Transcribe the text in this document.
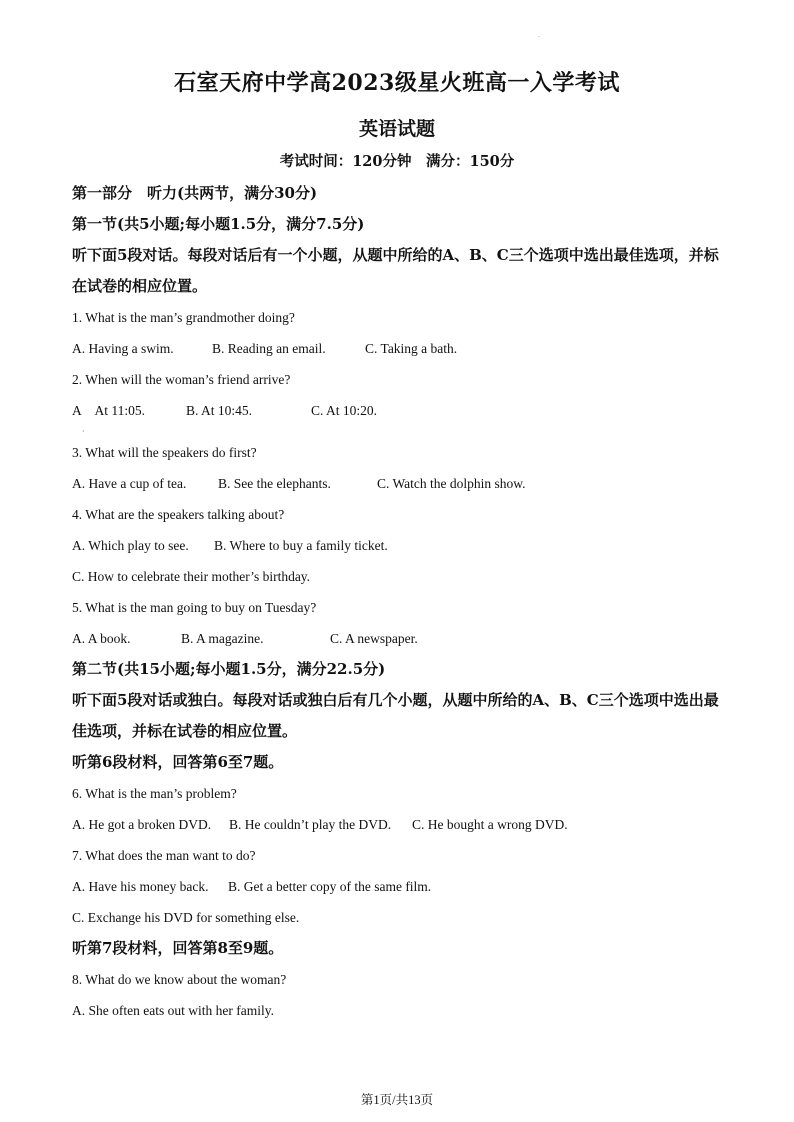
·
石室天府中学高2023级星火班高一入学考试
英语试题
考试时间：120分钟　满分：150分
第一部分　听力(共两节，满分30分)
第一节(共5小题;每小题1.5分，满分7.5分)
听下面5段对话。每段对话后有一个小题，从题中所给的A、B、C三个选项中选出最佳选项，并标在试卷的相应位置。
1. What is the man’s grandmother doing?
A. Having a swim.	B. Reading an email.	C. Taking a bath.
2. When will the woman’s friend arrive?
A　At 11:05.	B. At 10:45.	C. At 10:20.
·
3. What will the speakers do first?
A. Have a cup of tea. B. See the elephants.	C. Watch the dolphin show.
4. What are the speakers talking about?
A. Which play to see. B. Where to buy a family ticket.
C. How to celebrate their mother’s birthday.
5. What is the man going to buy on Tuesday?
A. A book.	B. A magazine.	C. A newspaper.
第二节(共15小题;每小题1.5分，满分22.5分)
听下面5段对话或独白。每段对话或独白后有几个小题，从题中所给的A、B、C三个选项中选出最佳选项，并标在试卷的相应位置。
听第6段材料，回答第6至7题。
6. What is the man’s problem?
A. He got a broken DVD. B. He couldn’t play the DVD. C. He bought a wrong DVD.
7. What does the man want to do?
A. Have his money back. B. Get a better copy of the same film.
C. Exchange his DVD for something else.
听第7段材料，回答第8至9题。
8. What do we know about the woman?
A. She often eats out with her family.
第1页/共13页
